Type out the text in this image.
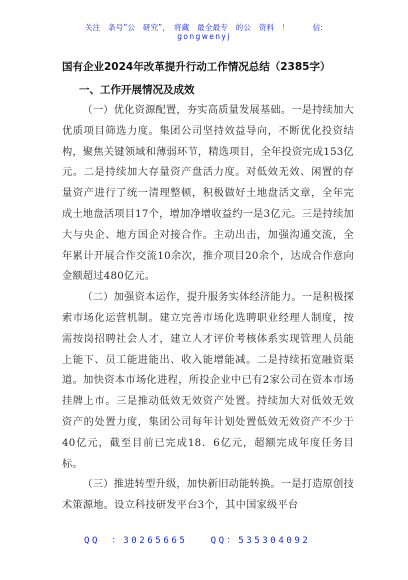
关注　条号”公　研究”，　将藏　最全最专　的公　资料　！　　　信:
gongwenyj
国有企业2024年改革提升行动工作情况总结（2385字）
一、工作开展情况及成效

（一）优化资源配置，夯实高质量发展基础。一是持续加大优质项目筛选力度。集团公司坚持效益导向，不断优化投资结构，聚焦关键领域和薄弱环节，精选项目，全年投资完成153亿元。二是持续加大存量资产盘活力度。对低效无效、闲置的存量资产进行了统一清理整顿，积极做好土地盘活文章，全年完成土地盘活项目17个，增加净增收益约一是3亿元。三是持续加大与央企、地方国企对接合作。主动出击，加强沟通交流，全年累计开展合作交流10余次，推介项目20余个，达成合作意向金额超过480亿元。

（二）加强资本运作，提升服务实体经济能力。一是积极探索市场化运营机制。建立完善市场化选聘职业经理人制度，按需按岗招聘社会人才，建立人才评价考核体系实现管理人员能上能下、员工能进能出、收入能增能减。二是持续拓宽融资渠道。加快资本市场化进程，所投企业中已有2家公司在资本市场挂牌上市。三是推动低效无效资产处置。持续加大对低效无效资产的处置力度，集团公司每年计划处置低效无效资产不少于40亿元，截至目前已完成18．6亿元，超额完成年度任务目标。

（三）推进转型升级，加快新旧动能转换。一是打造原创技术策源地。设立科技研发平台3个，其中国家级平台

QQ　：30265665　　QQ：535304092
